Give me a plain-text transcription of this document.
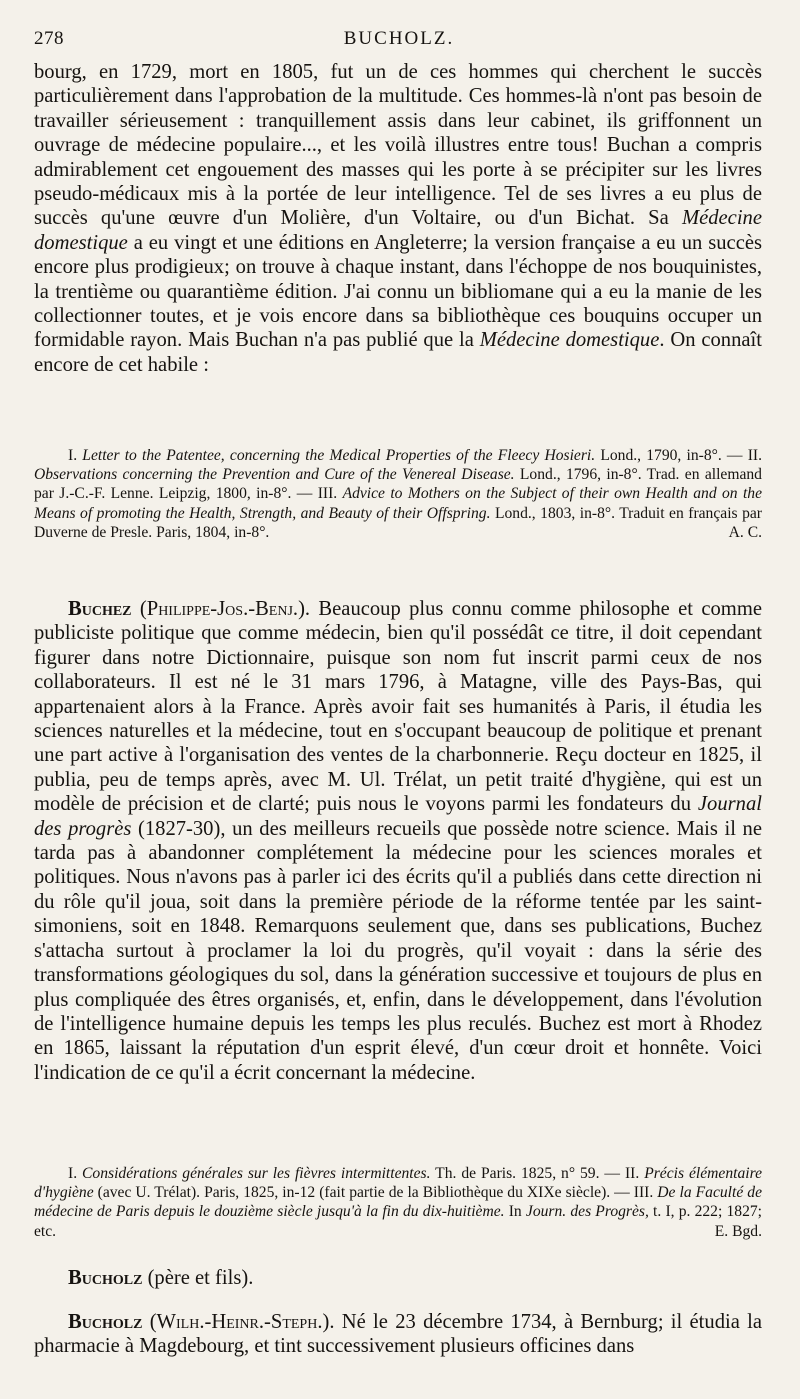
278	BUCHOLZ.

bourg, en 1729, mort en 1805, fut un de ces hommes qui cherchent le succès particulièrement dans l'approbation de la multitude. Ces hommes-là n'ont pas besoin de travailler sérieusement : tranquillement assis dans leur cabinet, ils griffonnent un ouvrage de médecine populaire..., et les voilà illustres entre tous! Buchan a compris admirablement cet engouement des masses qui les porte à se précipiter sur les livres pseudo-médicaux mis à la portée de leur intelligence. Tel de ses livres a eu plus de succès qu'une œuvre d'un Molière, d'un Voltaire, ou d'un Bichat. Sa Médecine domestique a eu vingt et une éditions en Angleterre; la version française a eu un succès encore plus prodigieux; on trouve à chaque instant, dans l'échoppe de nos bouquinistes, la trentième ou quarantième édition. J'ai connu un bibliomane qui a eu la manie de les collectionner toutes, et je vois encore dans sa bibliothèque ces bouquins occuper un formidable rayon. Mais Buchan n'a pas publié que la Médecine domestique. On connaît encore de cet habile :

I. Letter to the Patentee, concerning the Medical Properties of the Fleecy Hosieri. Lond., 1790, in-8°. — II. Observations concerning the Prevention and Cure of the Venereal Disease. Lond., 1796, in-8°. Trad. en allemand par J.-C.-F. Lenne. Leipzig, 1800, in-8°. — III. Advice to Mothers on the Subject of their own Health and on the Means of promoting the Health, Strength, and Beauty of their Offspring. Lond., 1803, in-8°. Traduit en français par Duverne de Presle. Paris, 1804, in-8°.	A. C.

Buchez (Philippe-Jos.-Benj.). Beaucoup plus connu comme philosophe et comme publiciste politique que comme médecin, bien qu'il possédât ce titre, il doit cependant figurer dans notre Dictionnaire, puisque son nom fut inscrit parmi ceux de nos collaborateurs. Il est né le 31 mars 1796, à Matagne, ville des Pays-Bas, qui appartenaient alors à la France. Après avoir fait ses humanités à Paris, il étudia les sciences naturelles et la médecine, tout en s'occupant beaucoup de politique et prenant une part active à l'organisation des ventes de la charbonnerie. Reçu docteur en 1825, il publia, peu de temps après, avec M. Ul. Trélat, un petit traité d'hygiène, qui est un modèle de précision et de clarté; puis nous le voyons parmi les fondateurs du Journal des progrès (1827-30), un des meilleurs recueils que possède notre science. Mais il ne tarda pas à abandonner complétement la médecine pour les sciences morales et politiques. Nous n'avons pas à parler ici des écrits qu'il a publiés dans cette direction ni du rôle qu'il joua, soit dans la première période de la réforme tentée par les saint-simoniens, soit en 1848. Remarquons seulement que, dans ses publications, Buchez s'attacha surtout à proclamer la loi du progrès, qu'il voyait : dans la série des transformations géologiques du sol, dans la génération successive et toujours de plus en plus compliquée des êtres organisés, et, enfin, dans le développement, dans l'évolution de l'intelligence humaine depuis les temps les plus reculés. Buchez est mort à Rhodez en 1865, laissant la réputation d'un esprit élevé, d'un cœur droit et honnête. Voici l'indication de ce qu'il a écrit concernant la médecine.

I. Considérations générales sur les fièvres intermittentes. Th. de Paris. 1825, n° 59. — II. Précis élémentaire d'hygiène (avec U. Trélat). Paris, 1825, in-12 (fait partie de la Bibliothèque du XIXe siècle). — III. De la Faculté de médecine de Paris depuis le douzième siècle jusqu'à la fin du dix-huitième. In Journ. des Progrès, t. I, p. 222; 1827; etc.	E. Bgd.

Bucholz (père et fils).

Bucholz (Wilh.-Heinr.-Steph.). Né le 23 décembre 1734, à Bernburg; il étudia la pharmacie à Magdebourg, et tint successivement plusieurs officines dans
